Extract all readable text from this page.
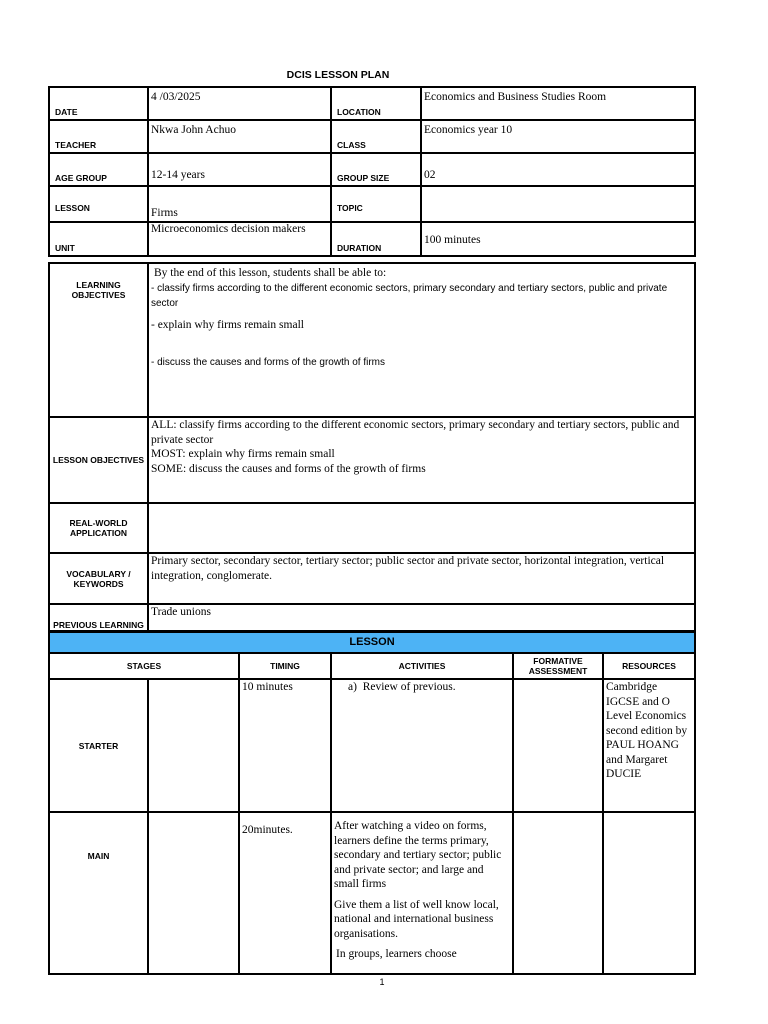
DCIS LESSON PLAN
DATE	4 /03/2025	LOCATION	Economics and Business Studies Room
TEACHER	Nkwa John Achuo	CLASS	Economics year 10
AGE GROUP	12-14 years	GROUP SIZE	02
LESSON	Firms	TOPIC	
UNIT	Microeconomics decision makers	DURATION	100 minutes
LEARNING OBJECTIVES	By the end of this lesson, students shall be able to:

- classify firms according to the different economic sectors, primary secondary and tertiary sectors, public and private sector

- explain why firms remain small

- discuss the causes and forms of the growth of firms

LESSON OBJECTIVES	ALL: classify firms according to the different economic sectors, primary secondary and tertiary sectors, public and private sector

MOST: explain why firms remain small

SOME: discuss the causes and forms of the growth of firms

REAL-WORLD APPLICATION	
VOCABULARY / KEYWORDS	Primary sector, secondary sector, tertiary sector; public sector and private sector, horizontal integration, vertical integration, conglomerate.
PREVIOUS LEARNING	Trade unions
LESSON					
STAGES		TIMING	ACTIVITIES	FORMATIVE ASSESSMENT	RESOURCES
STARTER		10 minutes	a) Review of previous.		Cambridge IGCSE and O Level Economics second edition by PAUL HOANG and Margaret DUCIE
MAIN		20minutes.	After watching a video on forms, learners define the terms primary, secondary and tertiary sector; public and private sector; and large and small firms

Give them a list of well know local, national and international business organisations.

In groups, learners choose		

1
